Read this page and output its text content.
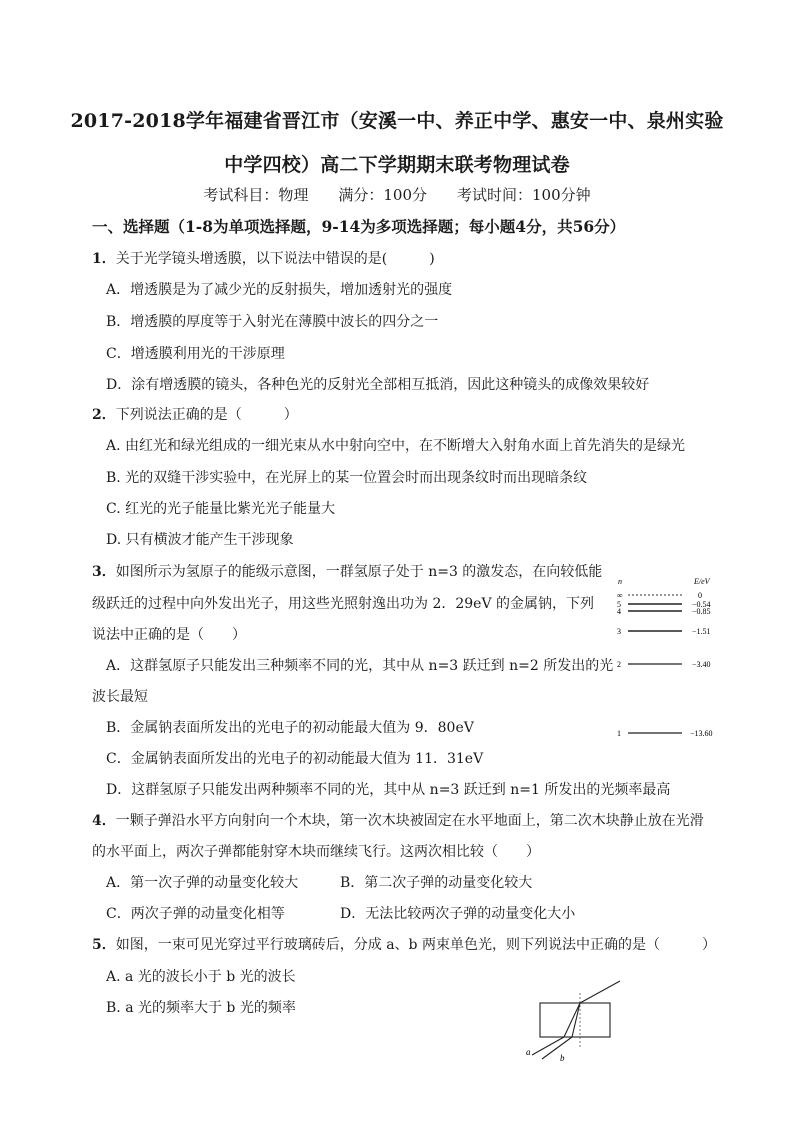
2017-2018学年福建省晋江市（安溪一中、养正中学、惠安一中、泉州实验
中学四校）高二下学期期末联考物理试卷
考试科目：物理　　满分：100分　　考试时间：100分钟
一、选择题（1-8为单项选择题，9-14为多项选择题；每小题4分，共56分）
1．关于光学镜头增透膜，以下说法中错误的是(　　　)
A．增透膜是为了减少光的反射损失，增加透射光的强度
B．增透膜的厚度等于入射光在薄膜中波长的四分之一
C．增透膜利用光的干涉原理
D．涂有增透膜的镜头，各种色光的反射光全部相互抵消，因此这种镜头的成像效果较好
2．下列说法正确的是（　　　）
A. 由红光和绿光组成的一细光束从水中射向空中，在不断增大入射角水面上首先消失的是绿光
B. 光的双缝干涉实验中，在光屏上的某一位置会时而出现条纹时而出现暗条纹
C. 红光的光子能量比紫光光子能量大
D. 只有横波才能产生干涉现象
3．如图所示为氢原子的能级示意图，一群氢原子处于 n=3 的激发态，在向较低能
级跃迁的过程中向外发出光子，用这些光照射逸出功为 2．29eV 的金属钠，下列
说法中正确的是（　　）
A．这群氢原子只能发出三种频率不同的光，其中从 n=3 跃迁到 n=2 所发出的光
波长最短
B．金属钠表面所发出的光电子的初动能最大值为 9．80eV
C．金属钠表面所发出的光电子的初动能最大值为 11．31eV
D．这群氢原子只能发出两种频率不同的光，其中从 n=3 跃迁到 n=1 所发出的光频率最高
n	E/eV
∞	0
5	−0.54
4	−0.85
3	−1.51
2	−3.40
1	−13.60
4．一颗子弹沿水平方向射向一个木块，第一次木块被固定在水平地面上，第二次木块静止放在光滑
的水平面上，两次子弹都能射穿木块而继续飞行。这两次相比较（　　）
A．第一次子弹的动量变化较大	B．第二次子弹的动量变化较大
C．两次子弹的动量变化相等	D．无法比较两次子弹的动量变化大小
5．如图，一束可见光穿过平行玻璃砖后，分成 a、b 两束单色光，则下列说法中正确的是（　　　）
A. a 光的波长小于 b 光的波长
B. a 光的频率大于 b 光的频率
a
b
